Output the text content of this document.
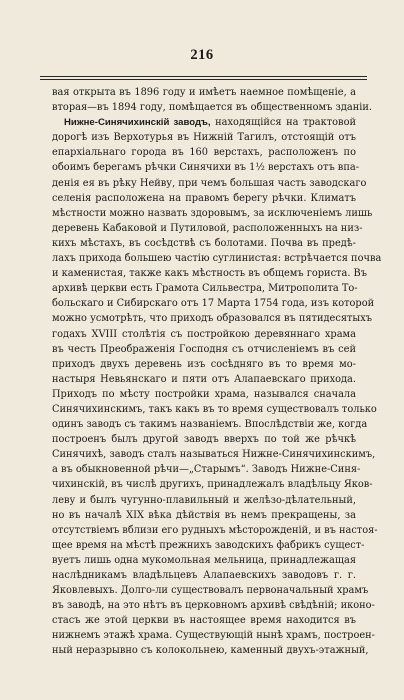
216
вая открыта въ 1896 году и имѣетъ наемное помѣщенiе, а
вторая—въ 1894 году, помѣщается въ общественномъ зданiи.
Нижне-Синячихинскiй заводъ, находящiйся на трактовой
дорогѣ изъ Верхотурья въ Нижнiй Тагилъ, отстоящiй отъ
епархiальнаго города въ 160 верстахъ, расположенъ по
обоимъ берегамъ рѣчки Синячихи въ 1½ верстахъ отъ впа-
денiя ея въ рѣку Нейву, при чемъ большая часть заводскаго
селенiя расположена на правомъ берегу рѣчки. Климатъ
мѣстности можно назвать здоровымъ, за исключенiемъ лишь
деревень Кабаковой и Путиловой, расположенныхъ на низ-
кихъ мѣстахъ, въ сосѣдствѣ съ болотами. Почва въ предѣ-
лахъ прихода большею частiю суглинистая: встрѣчается почва
и каменистая, также какъ мѣстность въ общемъ гориста. Въ
архивѣ церкви есть Грамота Сильвестра, Митрополита То-
больскаго и Сибирскаго отъ 17 Марта 1754 года, изъ которой
можно усмотрѣть, что приходъ образовался въ пятидесятыхъ
годахъ XVIII столѣтiя съ постройкою деревяннаго храма
въ честь Преображенiя Господня съ отчисленiемъ въ сей
приходъ двухъ деревень изъ сосѣдняго въ то время мо-
настыря Невьянскаго и пяти отъ Алапаевскаго прихода.
Приходъ по мѣсту постройки храма, назывался сначала
Синячихинскимъ, такъ какъ въ то время существовалъ только
одинъ заводъ съ такимъ названiемъ. Впослѣдствiи же, когда
построенъ былъ другой заводъ вверхъ по той же рѣчкѣ
Синячихѣ, заводъ сталъ называться Нижне-Синячихинскимъ,
а въ обыкновенной рѣчи—„Старымъ“. Заводъ Нижне-Синя-
чихинскiй, въ числѣ другихъ, принадлежалъ владѣльцу Яков-
леву и былъ чугунно-плавильный и желѣзо-дѣлательный,
но въ началѣ XIX вѣка дѣйствiя въ немъ прекращены, за
отсутствiемъ вблизи его рудныхъ мѣсторожденiй, и въ настоя-
щее время на мѣстѣ прежнихъ заводскихъ фабрикъ сущест-
вуетъ лишь одна мукомольная мельница, принадлежащая
наслѣдникамъ владѣльцевъ Алапаевскихъ заводовъ г. г.
Яковлевыхъ. Долго-ли существовалъ первоначальный храмъ
въ заводѣ, на это нѣтъ въ церковномъ архивѣ свѣдѣнiй; иконо-
стасъ же этой церкви въ настоящее время находится въ
нижнемъ этажѣ храма. Существующiй нынѣ храмъ, построен-
ный неразрывно съ колокольнею, каменный двухъ-этажный,
